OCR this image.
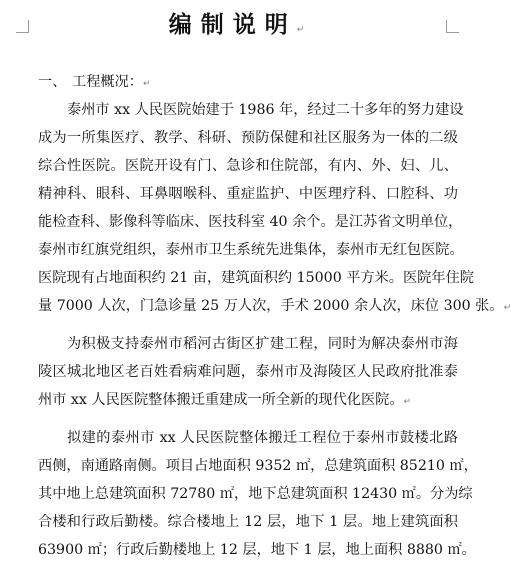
编制说明↵
一、 工程概况：↵
泰州市 xx 人民医院始建于 1986 年，经过二十多年的努力建设
成为一所集医疗、教学、科研、预防保健和社区服务为一体的二级
综合性医院。医院开设有门、急诊和住院部，有内、外、妇、儿、
精神科、眼科、耳鼻咽喉科、重症监护、中医理疗科、口腔科、功
能检查科、影像科等临床、医技科室 40 余个。是江苏省文明单位，
泰州市红旗党组织，泰州市卫生系统先进集体，泰州市无红包医院。
医院现有占地面积约 21 亩，建筑面积约 15000 平方米。医院年住院
量 7000 人次，门急诊量 25 万人次，手术 2000 余人次，床位 300 张。↵
为积极支持泰州市稻河古街区扩建工程，同时为解决泰州市海
陵区城北地区老百姓看病难问题，泰州市及海陵区人民政府批准泰
州市 xx 人民医院整体搬迁重建成一所全新的现代化医院。↵
拟建的泰州市 xx 人民医院整体搬迁工程位于泰州市鼓楼北路
西侧，南通路南侧。项目占地面积 9352 ㎡，总建筑面积 85210 ㎡，
其中地上总建筑面积 72780 ㎡，地下总建筑面积 12430 ㎡。分为综
合楼和行政后勤楼。综合楼地上 12 层，地下 1 层。地上建筑面积
63900 ㎡；行政后勤楼地上 12 层，地下 1 层，地上面积 8880 ㎡。
